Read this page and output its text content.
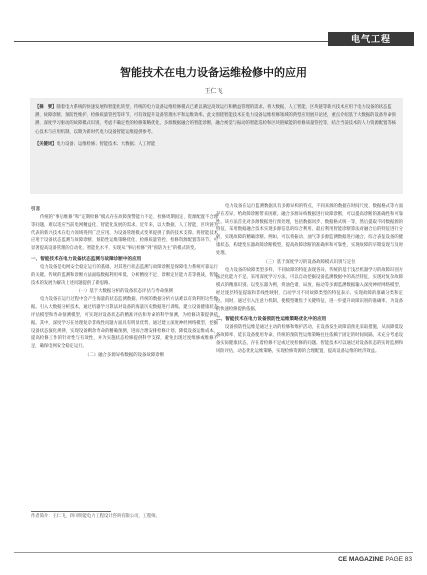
电气工程
智能技术在电力设备运维检修中的应用
王仁飞
【摘　要】随着电力系统的快速发展和智能化转型，传统的电力设备运维检修模式已难以满足高效运行和精益管理的需求。将大数据、人工智能、区块链等新兴技术应用于电力设备的状态监测、故障诊断、预防性维护、检修质量管控等环节，可有效提升设备管理水平和运维效率。此文围绕智能技术在电力设备运维检修领域的典型应用展开论述，重点介绍基于大数据的设备寿命预测、深度学习驱动的故障模式识别，考虑不确定性的检修策略优化，多源数据融合的智能诊断，融合视觉与振动的智能巡检和区块链赋能的检修质量管控等，结合当前技术的人力资源配置等核心技术与应用机制，以期为新时代电力设备智能运维提供参考。
【关键词】电力设备；运维检修；智能技术；大数据；人工智能
引言

传统的“事后维修”和“定期检修”模式存在故障预警能力不足、检修周期固定、资源配置不合理等问题，难以适应当前电网精益化、智能化发展的需求。近年来，以大数据、人工智能、区块链为代表的新兴技术在电力领域得到广泛应用，为设备管理模式变革提供了新的技术支撑。将智能技术应用于设备状态监测与故障诊断、预防性运维策略优化、检修质量管控、检修资源配置等环节，可显著提高设备管理的自动化、智能化水平，实现从“事后检修”到“预防为主”的模式转变。

一、智能技术在电力设备状态监测与故障诊断中的应用

电力设备是电网安全稳定运行的基础，对其进行状态监测与故障诊断是保障电力系统可靠运行的关键。传统的监测和诊断方法面临数据利用率低、分析精度不足、诊断定位能力差等挑战，智能技术的发展为解决上述问题提供了新思路。

（一）基于大数据分析的设备状态评估与寿命预测

电力设备在运行过程中会产生海量的状态监测数据，传统的数据分析方法难以有效利用这些数据。引入大数据分析技术，通过机器学习算法对设备的海量历史数据进行训练，建立设备健康状态评估模型和寿命预测模型，可实现对设备状态的精准评估和寿命的科学预测，为检修决策提供依据。其中，深度学习在处理复杂非线性问题方面具有明显优势，通过建立深度神经网络模型，挖掘设备状态演化规律，实现设备剩余寿命的精确预测，进而合理安排检修计划，降低设备运维成本，提高检修工作的针对性与有效性，并为实施状态检修提供科学支撑，避免出现过度维修或维修不足，确保电网安全稳定运行。

（二）融合多源异构数据的设备故障诊断

电力设备在运行监测数据具有多源异构的特点，不同来源的数据在时间尺度、数据格式等方面存在差异，给故障诊断带来困难。融合多源异构数据进行故障诊断，可以提高诊断的准确性和可靠性。该方法首先对多源数据进行预处理，包括数据同步、数据格式统一等，然后提取不同数据源的特征，采用数据融合技术实现多源信息的综合利用，最后利用智能诊断算法对融合后的特征进行分析，实现故障的精确诊断。例如，可以将振动、油气等多源监测数据进行融合，综合表征设备的健康状态，构建变压器故障诊断模型，提高故障诊断的准确率和可靠性，实现故障的早期发现与及时处理。

（三）基于深度学习的设备故障模式识别与定位

电力设备的故障类型多样，不同故障的特征表现各异，传统的基于浅层机器学习的故障识别方法泛化能力不足。采用深度学习方法，可以自动挖掘设备监测数据中的高层特征，实现对复杂故障模式的精准识别。以变压器为例，将油色谱、局放、振动等多源监测数据输入深度神经网络模型，经过逐层特征提取和非线性映射，自动学习不同故障类型的特征表示，实现故障的准确分类和定位。同时，通过引入注意力机制，使模型聚焦于关键特征，进一步提升故障识别的准确率，为设备的快速检修提供依据。

二、智能技术在电力设备预防性运维策略优化中的应用

设备预防性运维是通过主动的检修和维护活动，在设备发生故障前预先采取措施，从而降低设备故障率、延长设备使用寿命。传统的预防性运维策略往往依赖于固定的时间间隔，未充分考虑设备实际健康状态，存在着检修不足或过度检修的问题。智能技术可以通过对设备状态的实时监测和风险评估，动态优化运维策略，实现检修资源的合理配置，提高设备运维的经济效益。

作者简介：王仁飞，四川明能电力工程设计咨询有限公司，工程师。
CE MAGAZINE PAGE 83
